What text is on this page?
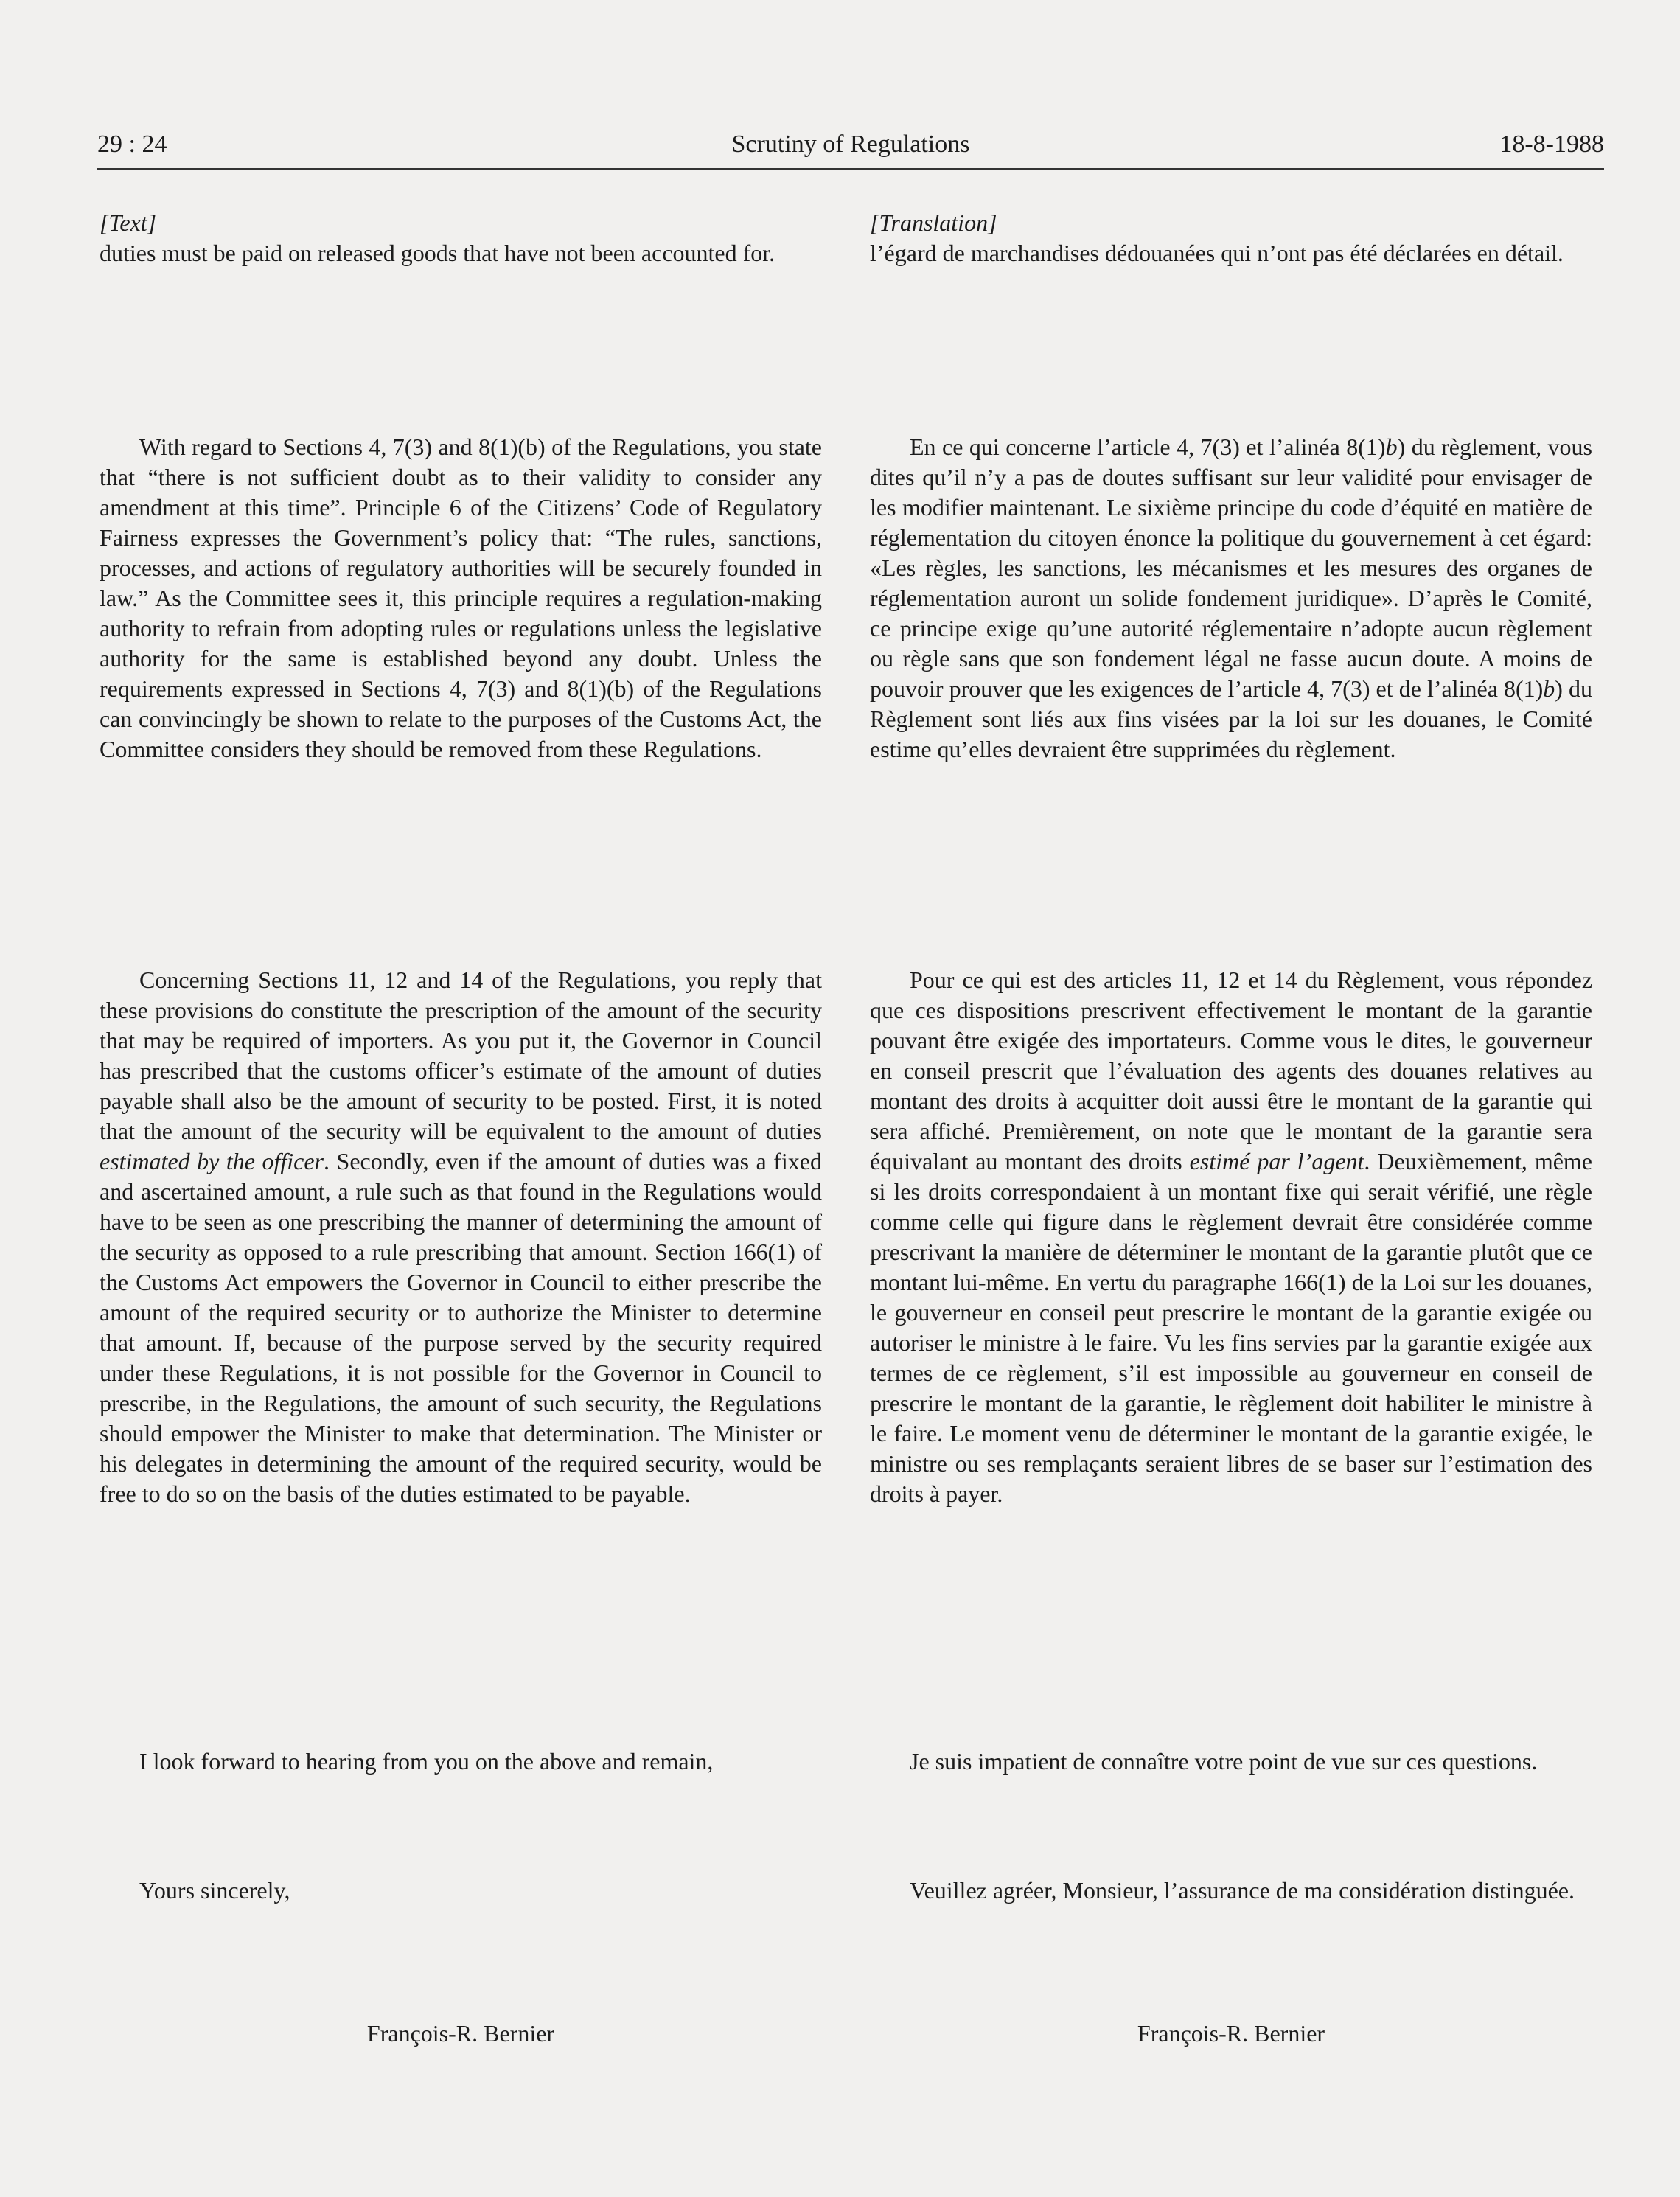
29 : 24	Scrutiny of Regulations	18-8-1988
[Text]

duties must be paid on released goods that have not been accounted for.

With regard to Sections 4, 7(3) and 8(1)(b) of the Regulations, you state that “there is not sufficient doubt as to their validity to consider any amendment at this time”. Principle 6 of the Citizens’ Code of Regulatory Fairness expresses the Government’s policy that: “The rules, sanctions, processes, and actions of regulatory authorities will be securely founded in law.” As the Committee sees it, this principle requires a regulation-making authority to refrain from adopting rules or regulations unless the legislative authority for the same is established beyond any doubt. Unless the requirements expressed in Sections 4, 7(3) and 8(1)(b) of the Regulations can convincingly be shown to relate to the purposes of the Customs Act, the Committee considers they should be removed from these Regulations.

Concerning Sections 11, 12 and 14 of the Regulations, you reply that these provisions do constitute the prescription of the amount of the security that may be required of importers. As you put it, the Governor in Council has prescribed that the customs officer’s estimate of the amount of duties payable shall also be the amount of security to be posted. First, it is noted that the amount of the security will be equivalent to the amount of duties estimated by the officer. Secondly, even if the amount of duties was a fixed and ascertained amount, a rule such as that found in the Regulations would have to be seen as one prescribing the manner of determining the amount of the security as opposed to a rule prescribing that amount. Section 166(1) of the Customs Act empowers the Governor in Council to either prescribe the amount of the required security or to authorize the Minister to determine that amount. If, because of the purpose served by the security required under these Regulations, it is not possible for the Governor in Council to prescribe, in the Regulations, the amount of such security, the Regulations should empower the Minister to make that determination. The Minister or his delegates in determining the amount of the required security, would be free to do so on the basis of the duties estimated to be payable.

I look forward to hearing from you on the above and remain,

Yours sincerely,

François-R. Bernier
[Translation]

l’égard de marchandises dédouanées qui n’ont pas été déclarées en détail.

En ce qui concerne l’article 4, 7(3) et l’alinéa 8(1)b) du règlement, vous dites qu’il n’y a pas de doutes suffisant sur leur validité pour envisager de les modifier maintenant. Le sixième principe du code d’équité en matière de réglementation du citoyen énonce la politique du gouvernement à cet égard: «Les règles, les sanctions, les mécanismes et les mesures des organes de réglementation auront un solide fondement juridique». D’après le Comité, ce principe exige qu’une autorité réglementaire n’adopte aucun règlement ou règle sans que son fondement légal ne fasse aucun doute. A moins de pouvoir prouver que les exigences de l’article 4, 7(3) et de l’alinéa 8(1)b) du Règlement sont liés aux fins visées par la loi sur les douanes, le Comité estime qu’elles devraient être supprimées du règlement.

Pour ce qui est des articles 11, 12 et 14 du Règlement, vous répondez que ces dispositions prescrivent effectivement le montant de la garantie pouvant être exigée des importateurs. Comme vous le dites, le gouverneur en conseil prescrit que l’évaluation des agents des douanes relatives au montant des droits à acquitter doit aussi être le montant de la garantie qui sera affiché. Premièrement, on note que le montant de la garantie sera équivalant au montant des droits estimé par l’agent. Deuxièmement, même si les droits correspondaient à un montant fixe qui serait vérifié, une règle comme celle qui figure dans le règlement devrait être considérée comme prescrivant la manière de déterminer le montant de la garantie plutôt que ce montant lui-même. En vertu du paragraphe 166(1) de la Loi sur les douanes, le gouverneur en conseil peut prescrire le montant de la garantie exigée ou autoriser le ministre à le faire. Vu les fins servies par la garantie exigée aux termes de ce règlement, s’il est impossible au gouverneur en conseil de prescrire le montant de la garantie, le règlement doit habiliter le ministre à le faire. Le moment venu de déterminer le montant de la garantie exigée, le ministre ou ses remplaçants seraient libres de se baser sur l’estimation des droits à payer.

Je suis impatient de connaître votre point de vue sur ces questions.

Veuillez agréer, Monsieur, l’assurance de ma considération distinguée.

François-R. Bernier
